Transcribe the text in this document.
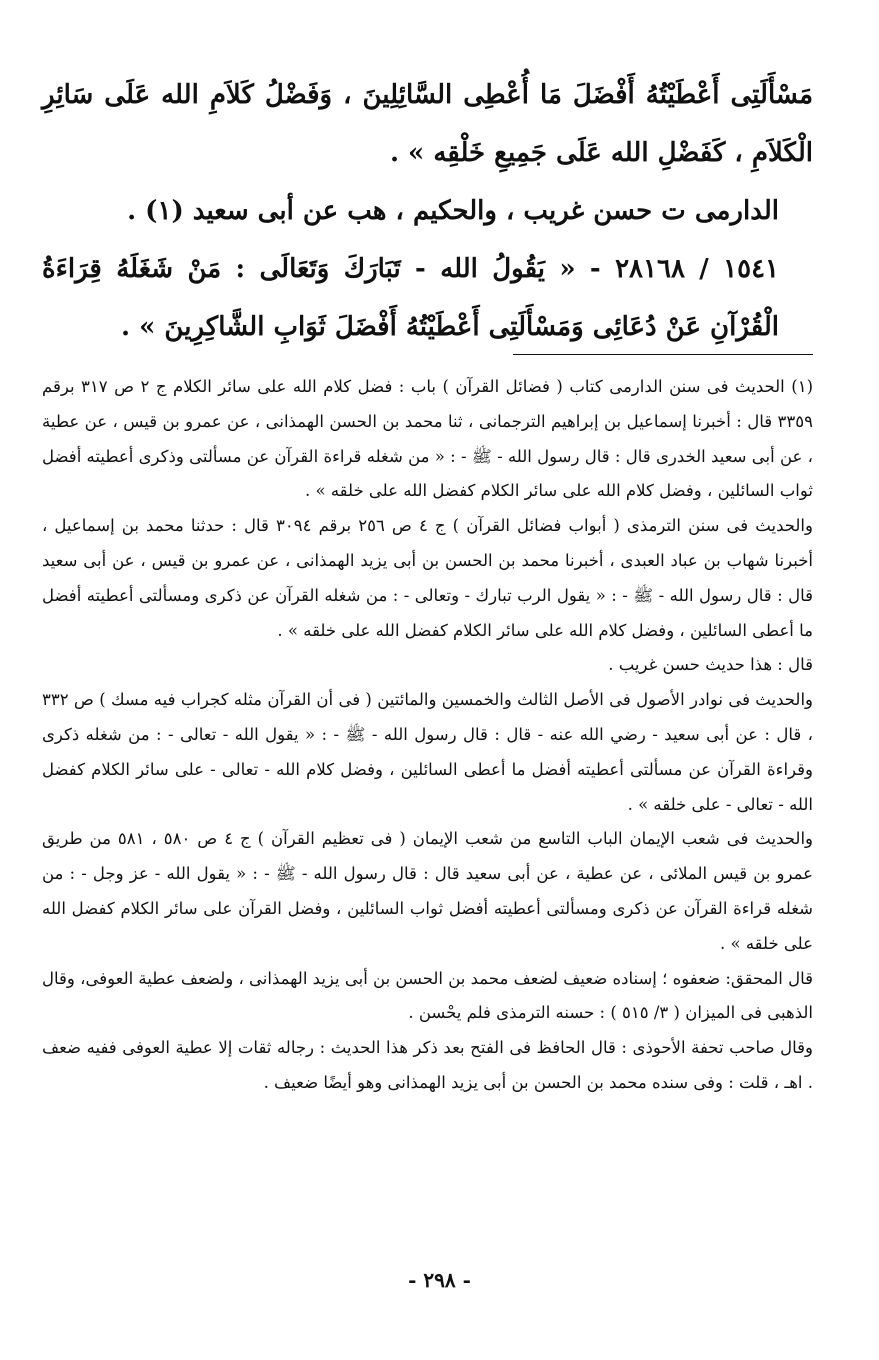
مَسْأَلَتِى أَعْطَيْتُهُ أَفْضَلَ مَا أُعْطِى السَّائِلِينَ ، وَفَضْلُ كَلاَمِ الله عَلَى سَائِرِ الْكَلاَمِ ، كَفَضْلِ الله عَلَى جَمِيعِ خَلْقِه » .

الدارمى ت حسن غريب ، والحكيم ، هب عن أبى سعيد (١) .

١٥٤١ / ٢٨١٦٨ - « يَقُولُ الله - تَبَارَكَ وَتَعَالَى : مَنْ شَغَلَهُ قِرَاءَةُ الْقُرْآنِ عَنْ دُعَائِى وَمَسْأَلَتِى أَعْطَيْتُهُ أَفْضَلَ ثَوَابِ الشَّاكِرِينَ » .

(١) الحديث فى سنن الدارمى كتاب ( فضائل القرآن ) باب : فضل كلام الله على سائر الكلام ج ٢ ص ٣١٧ برقم ٣٣٥٩ قال : أخبرنا إسماعيل بن إبراهيم الترجمانى ، ثنا محمد بن الحسن الهمذانى ، عن عمرو بن قيس ، عن عطية ، عن أبى سعيد الخدرى قال : قال رسول الله - ﷺ - : « من شغله قراءة القرآن عن مسألتى وذكرى أعطيته أفضل ثواب السائلين ، وفضل كلام الله على سائر الكلام كفضل الله على خلقه » .

والحديث فى سنن الترمذى ( أبواب فضائل القرآن ) ج ٤ ص ٢٥٦ برقم ٣٠٩٤ قال : حدثنا محمد بن إسماعيل ، أخبرنا شهاب بن عباد العبدى ، أخبرنا محمد بن الحسن بن أبى يزيد الهمذانى ، عن عمرو بن قيس ، عن أبى سعيد قال : قال رسول الله - ﷺ - : « يقول الرب تبارك - وتعالى - : من شغله القرآن عن ذكرى ومسألتى أعطيته أفضل ما أعطى السائلين ، وفضل كلام الله على سائر الكلام كفضل الله على خلقه » .

قال : هذا حديث حسن غريب .

والحديث فى نوادر الأصول فى الأصل الثالث والخمسين والمائتين ( فى أن القرآن مثله كجراب فيه مسك ) ص ٣٣٢ ، قال : عن أبى سعيد - رضي الله عنه - قال : قال رسول الله - ﷺ - : « يقول الله - تعالى - : من شغله ذكرى وقراءة القرآن عن مسألتى أعطيته أفضل ما أعطى السائلين ، وفضل كلام الله - تعالى - على سائر الكلام كفضل الله - تعالى - على خلقه » .

والحديث فى شعب الإيمان الباب التاسع من شعب الإيمان ( فى تعظيم القرآن ) ج ٤ ص ٥٨٠ ، ٥٨١ من طريق عمرو بن قيس الملائى ، عن عطية ، عن أبى سعيد قال : قال رسول الله - ﷺ - : « يقول الله - عز وجل - : من شغله قراءة القرآن عن ذكرى ومسألتى أعطيته أفضل ثواب السائلين ، وفضل القرآن على سائر الكلام كفضل الله على خلقه » .

قال المحقق: ضعفوه ؛ إسناده ضعيف لضعف محمد بن الحسن بن أبى يزيد الهمذانى ، ولضعف عطية العوفى، وقال الذهبى فى الميزان ( ٣/ ٥١٥ ) : حسنه الترمذى فلم يحْسن .

وقال صاحب تحفة الأحوذى : قال الحافظ فى الفتح بعد ذكر هذا الحديث : رجاله ثقات إلا عطية العوفى ففيه ضعف . اهـ ، قلت : وفى سنده محمد بن الحسن بن أبى يزيد الهمذانى وهو أيضًا ضعيف .

- ٢٩٨ -
